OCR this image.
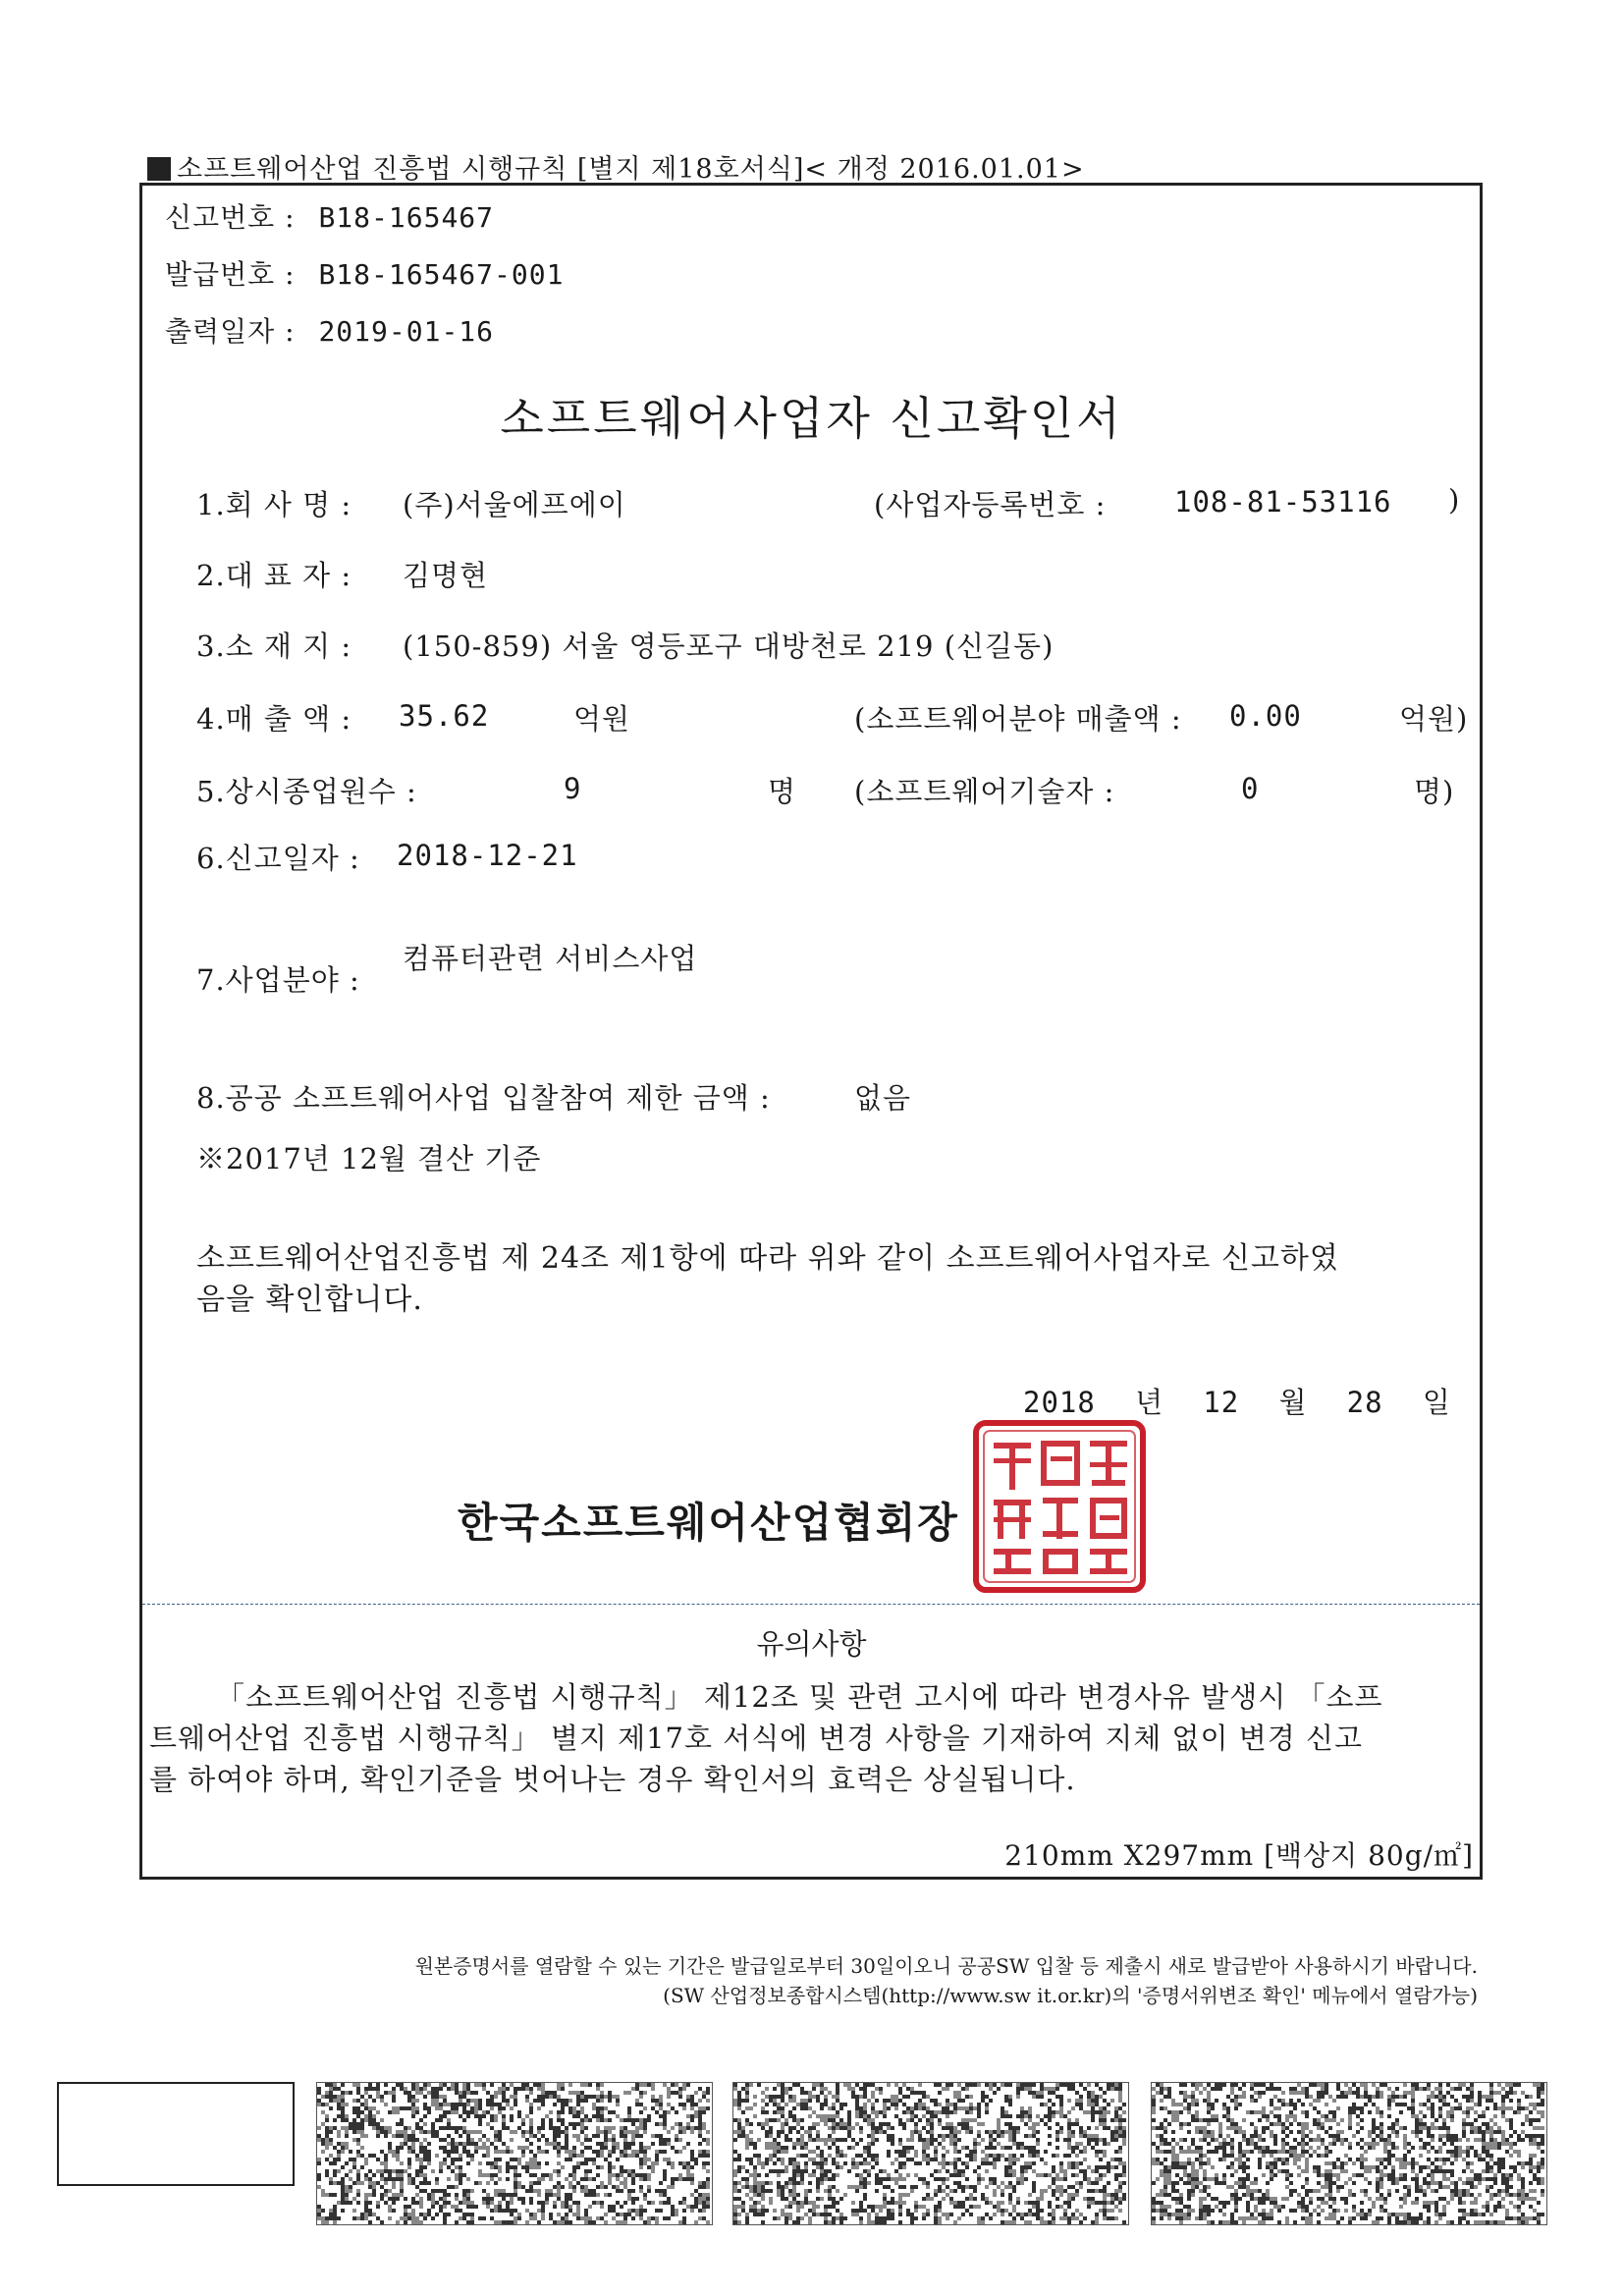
소프트웨어산업 진흥법 시행규칙 [별지 제18호서식]< 개정 2016.01.01>
신고번호 : B18-165467
발급번호 : B18-165467-001
출력일자 : 2019-01-16
소프트웨어사업자 신고확인서
1.회 사 명 : (주)서울에프에이	(사업자등록번호 : 108-81-53116 )
2.대 표 자 : 김명현
3.소 재 지 : (150-859) 서울 영등포구 대방천로 219 (신길동)
4.매 출 액 : 35.62	억원	(소프트웨어분야 매출액 : 0.00	억원)
5.상시종업원수 :	9	명 (소프트웨어기술자 :	0	명)
6.신고일자 : 2018-12-21
7.사업분야 :
컴퓨터관련 서비스사업
8.공공 소프트웨어사업 입찰참여 제한 금액 :	없음
※2017년 12월 결산 기준
소프트웨어산업진흥법 제 24조 제1항에 따라 위와 같이 소프트웨어사업자로 신고하였
음을 확인합니다.
2018 년 12 월 28 일
한국소프트웨어산업협회장
유의사항
「소프트웨어산업 진흥법 시행규칙」 제12조 및 관련 고시에 따라 변경사유 발생시 「소프
트웨어산업 진흥법 시행규칙」 별지 제17호 서식에 변경 사항을 기재하여 지체 없이 변경 신고
를 하여야 하며, 확인기준을 벗어나는 경우 확인서의 효력은 상실됩니다.
210mm X297mm [백상지 80g/㎡]
원본증명서를 열람할 수 있는 기간은 발급일로부터 30일이오니 공공SW 입찰 등 제출시 새로 발급받아 사용하시기 바랍니다.
(SW 산업정보종합시스템(http://www.sw it.or.kr)의 '증명서위변조 확인' 메뉴에서 열람가능)
